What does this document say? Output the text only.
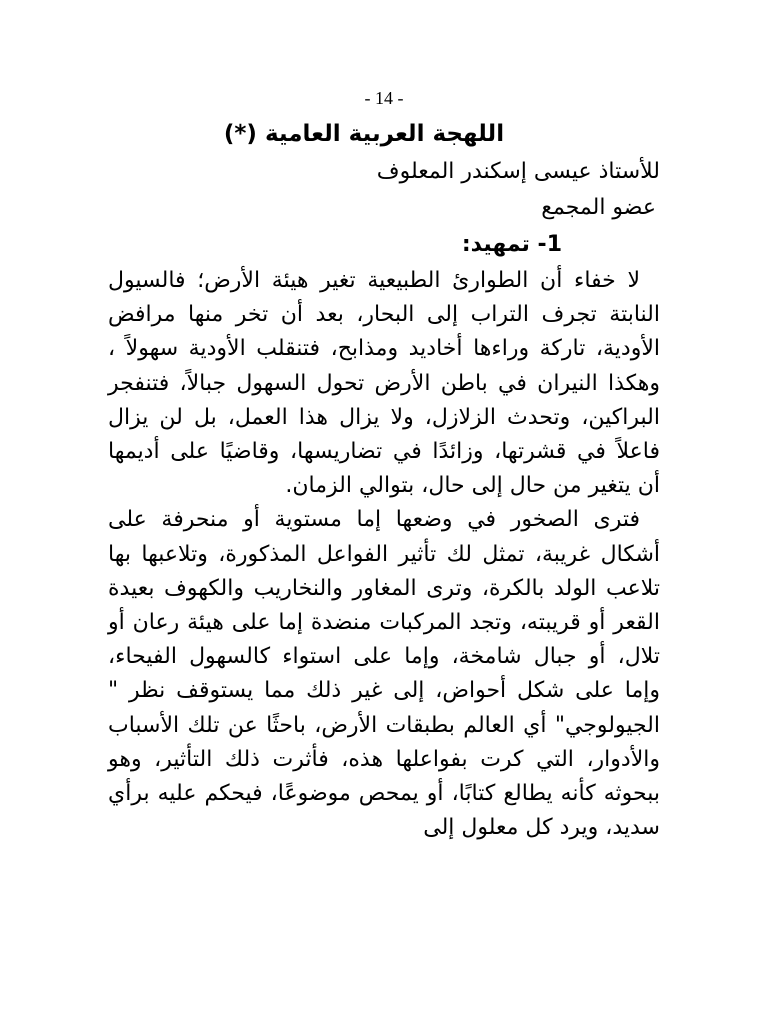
- 14 -
اللهجة العربية العامية (*)
للأستاذ عيسى إسكندر المعلوف
عضو المجمع
1- تمهيد:

لا خفاء أن الطوارئ الطبيعية تغير هيئة الأرض؛ فالسيول النابتة تجرف التراب إلى البحار، بعد أن تخر منها مرافض الأودية، تاركة وراءها أخاديد ومذابح، فتنقلب الأودية سهولاً ، وهكذا النيران في باطن الأرض تحول السهول جبالاً، فتنفجر البراكين، وتحدث الزلازل، ولا يزال هذا العمل، بل لن يزال فاعلاً في قشرتها، وزائدًا في تضاريسها، وقاضيًا على أديمها أن يتغير من حال إلى حال، بتوالي الزمان.

فترى الصخور في وضعها إما مستوية أو منحرفة على أشكال غريبة، تمثل لك تأثير الفواعل المذكورة، وتلاعبها بها تلاعب الولد بالكرة، وترى المغاور والنخاريب والكهوف بعيدة القعر أو قريبته، وتجد المركبات منضدة إما على هيئة رعان أو تلال، أو جبال شامخة، وإما على استواء كالسهول الفيحاء، وإما على شكل أحواض، إلى غير ذلك مما يستوقف نظر " الجيولوجي" أي العالم بطبقات الأرض، باحثًا عن تلك الأسباب والأدوار، التي كرت بفواعلها هذه، فأثرت ذلك التأثير، وهو ببحوثه كأنه يطالع كتابًا، أو يمحص موضوعًا، فيحكم عليه برأي سديد، ويرد كل معلول إلى
